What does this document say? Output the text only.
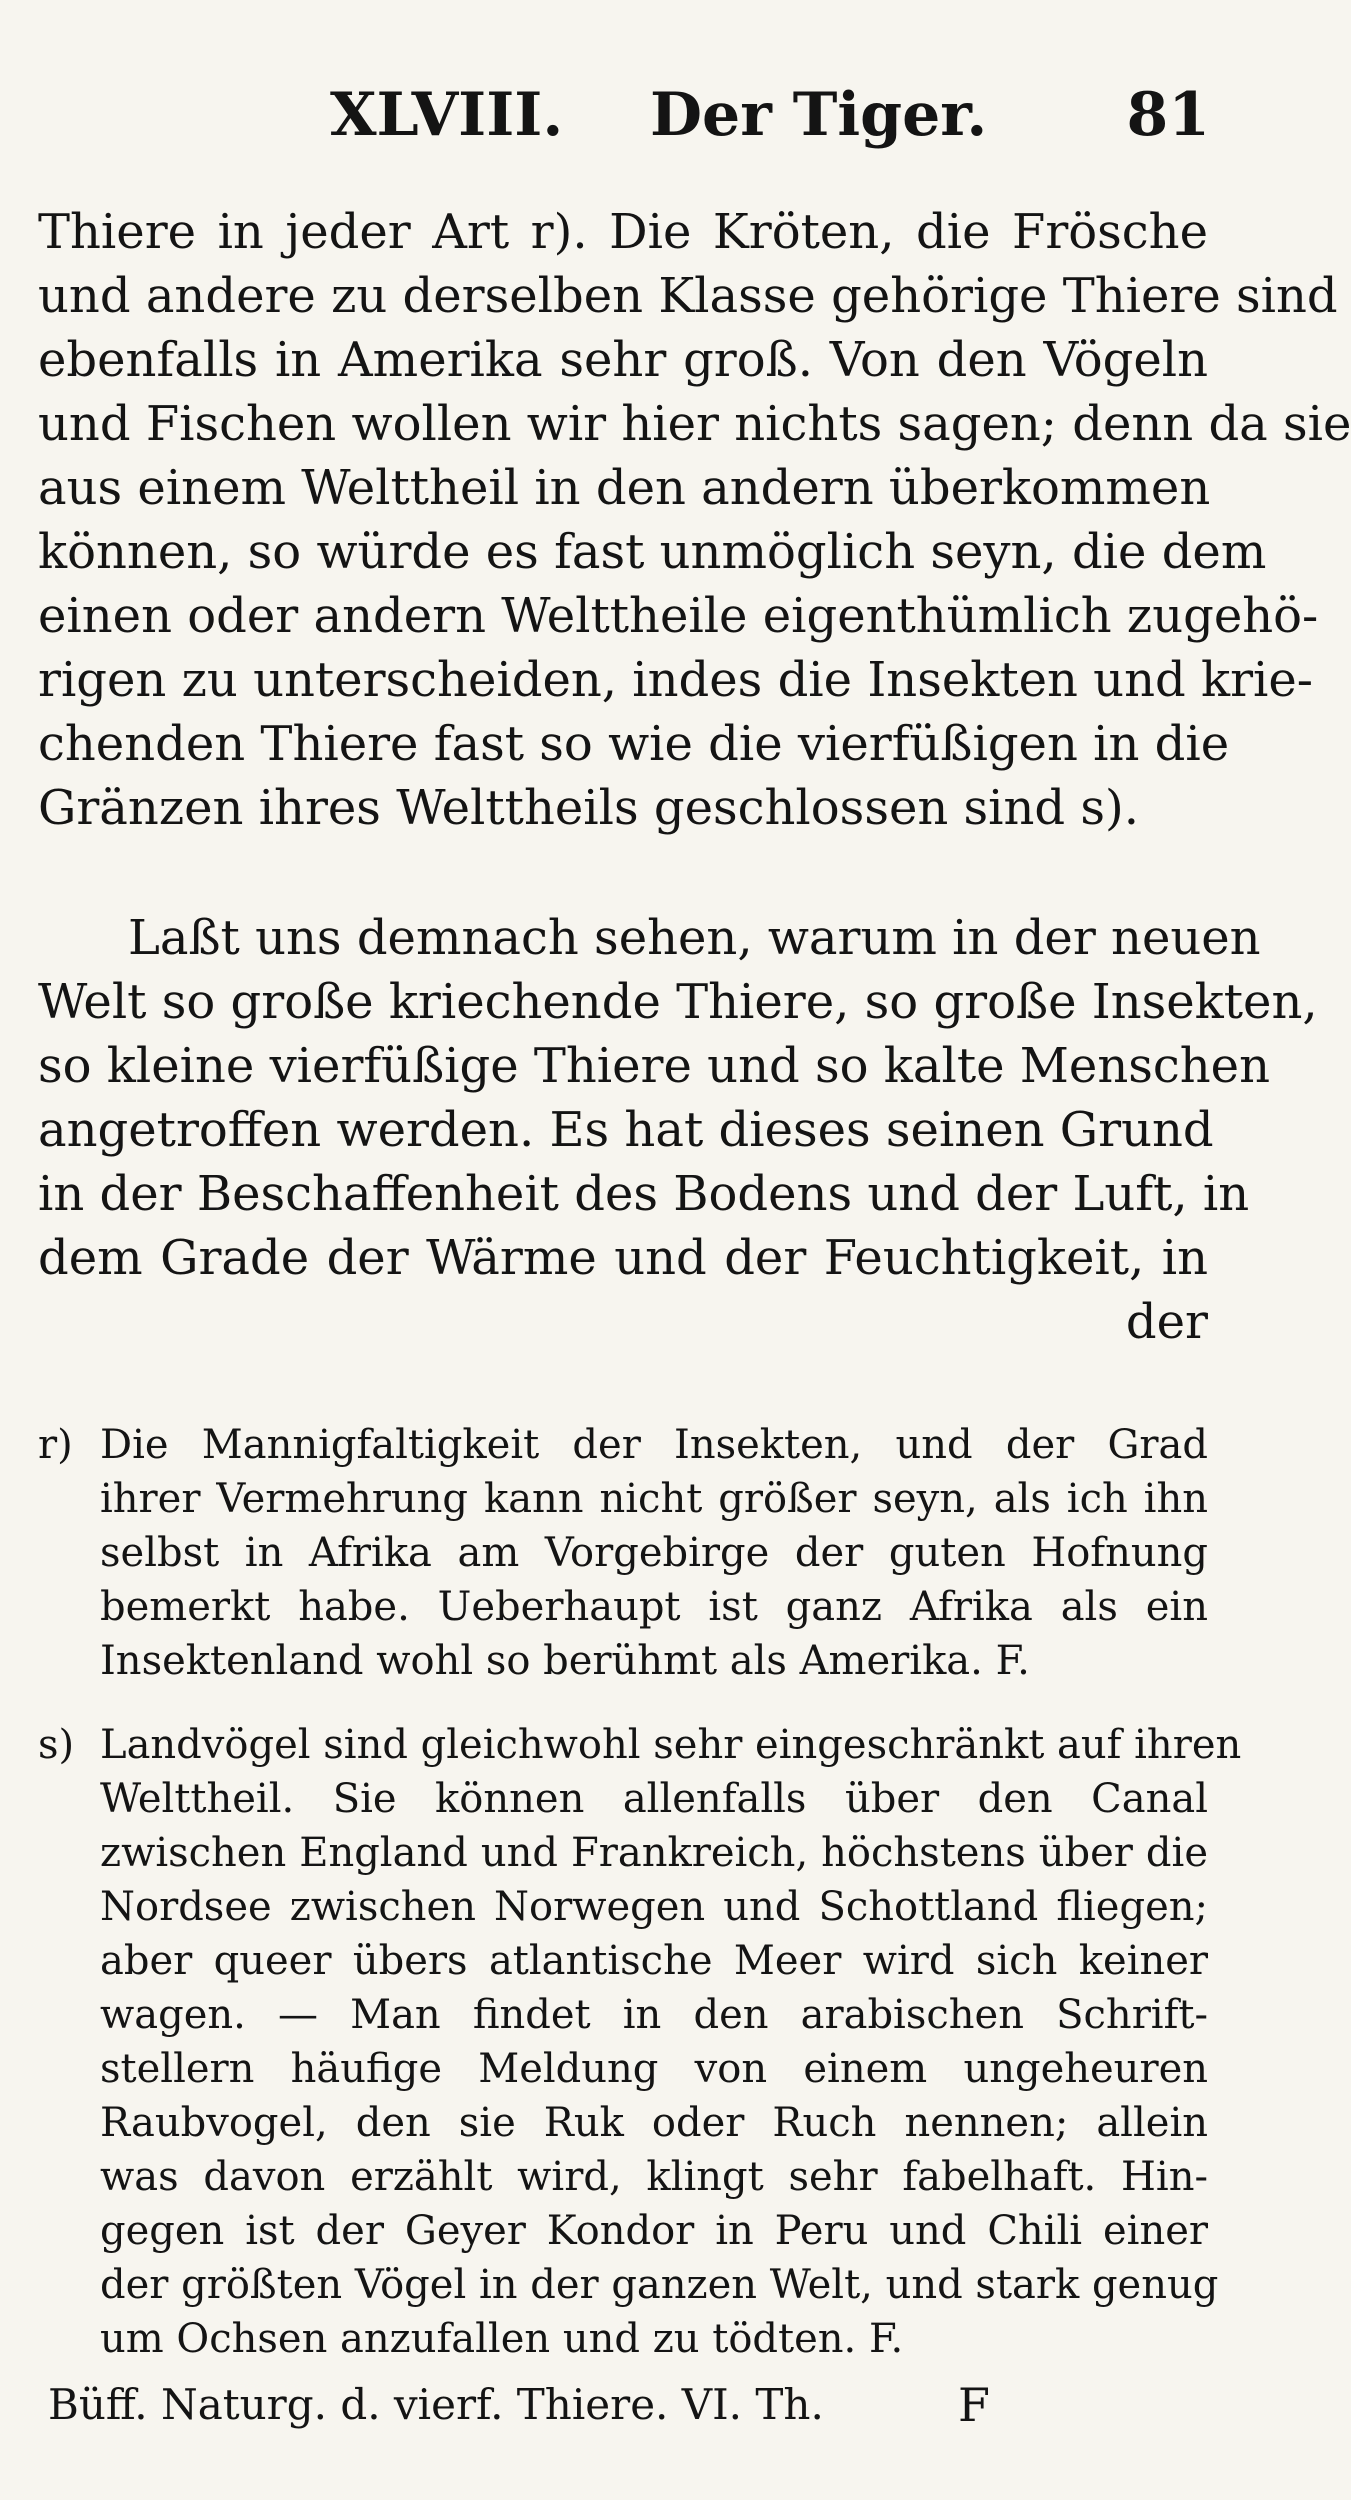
XLVIII. Der Tiger. 81
Thiere in jeder Art r). Die Kröten, die Frösche
und andere zu derselben Klasse gehörige Thiere sind
ebenfalls in Amerika sehr groß. Von den Vögeln
und Fischen wollen wir hier nichts sagen; denn da sie
aus einem Welttheil in den andern überkommen
können, so würde es fast unmöglich seyn, die dem
einen oder andern Welttheile eigenthümlich zugehö-
rigen zu unterscheiden, indes die Insekten und krie-
chenden Thiere fast so wie die vierfüßigen in die
Gränzen ihres Welttheils geschlossen sind s).
Laßt uns demnach sehen, warum in der neuen
Welt so große kriechende Thiere, so große Insekten,
so kleine vierfüßige Thiere und so kalte Menschen
angetroffen werden. Es hat dieses seinen Grund
in der Beschaffenheit des Bodens und der Luft, in
dem Grade der Wärme und der Feuchtigkeit, in
der
r) Die Mannigfaltigkeit der Insekten, und der Grad
ihrer Vermehrung kann nicht größer seyn, als ich ihn
selbst in Afrika am Vorgebirge der guten Hofnung
bemerkt habe. Ueberhaupt ist ganz Afrika als ein
Insektenland wohl so berühmt als Amerika. F.
s) Landvögel sind gleichwohl sehr eingeschränkt auf ihren
Welttheil. Sie können allenfalls über den Canal
zwischen England und Frankreich, höchstens über die
Nordsee zwischen Norwegen und Schottland fliegen;
aber queer übers atlantische Meer wird sich keiner
wagen. — Man findet in den arabischen Schrift-
stellern häufige Meldung von einem ungeheuren
Raubvogel, den sie Ruk oder Ruch nennen; allein
was davon erzählt wird, klingt sehr fabelhaft. Hin-
gegen ist der Geyer Kondor in Peru und Chili einer
der größten Vögel in der ganzen Welt, und stark genug
um Ochsen anzufallen und zu tödten. F.
Büff. Naturg. d. vierf. Thiere. VI. Th.	F
